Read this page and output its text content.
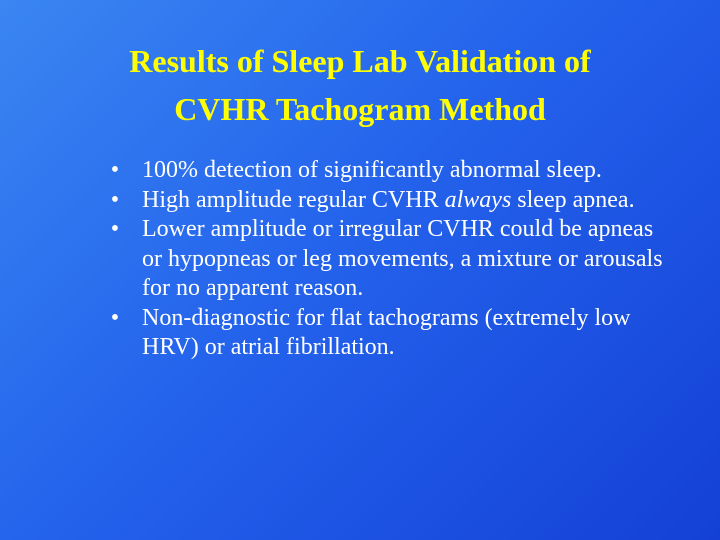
Results of Sleep Lab Validation of
CVHR Tachogram Method
• 100% detection of significantly abnormal sleep.
• High amplitude regular CVHR always sleep apnea.
• Lower amplitude or irregular CVHR could be apneas or hypopneas or leg movements, a mixture or arousals for no apparent reason.
• Non-diagnostic for flat tachograms (extremely low HRV) or atrial fibrillation.
